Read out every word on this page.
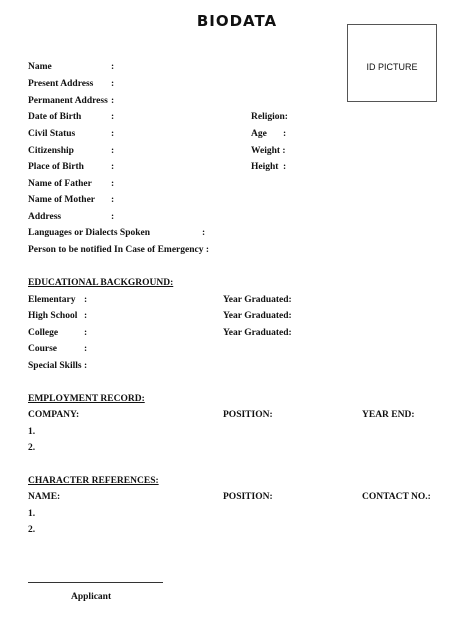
BIODATA
ID PICTURE
Name	:
Present Address :
Permanent Address :
Date of Birth	:	Religion:
Civil Status	:	Age :
Citizenship	:	Weight :
Place of Birth	:	Height :
Name of Father :
Name of Mother :
Address	:
Languages or Dialects Spoken	:
Person to be notified In Case of Emergency :
EDUCATIONAL BACKGROUND:
Elementary :	Year Graduated:
High School :	Year Graduated:
College	:	Year Graduated:
Course	:
Special Skills :
EMPLOYMENT RECORD:
COMPANY:	POSITION:	YEAR END:
1.
2.
CHARACTER REFERENCES:
NAME:	POSITION:	CONTACT NO.:
1.
2.
Applicant
